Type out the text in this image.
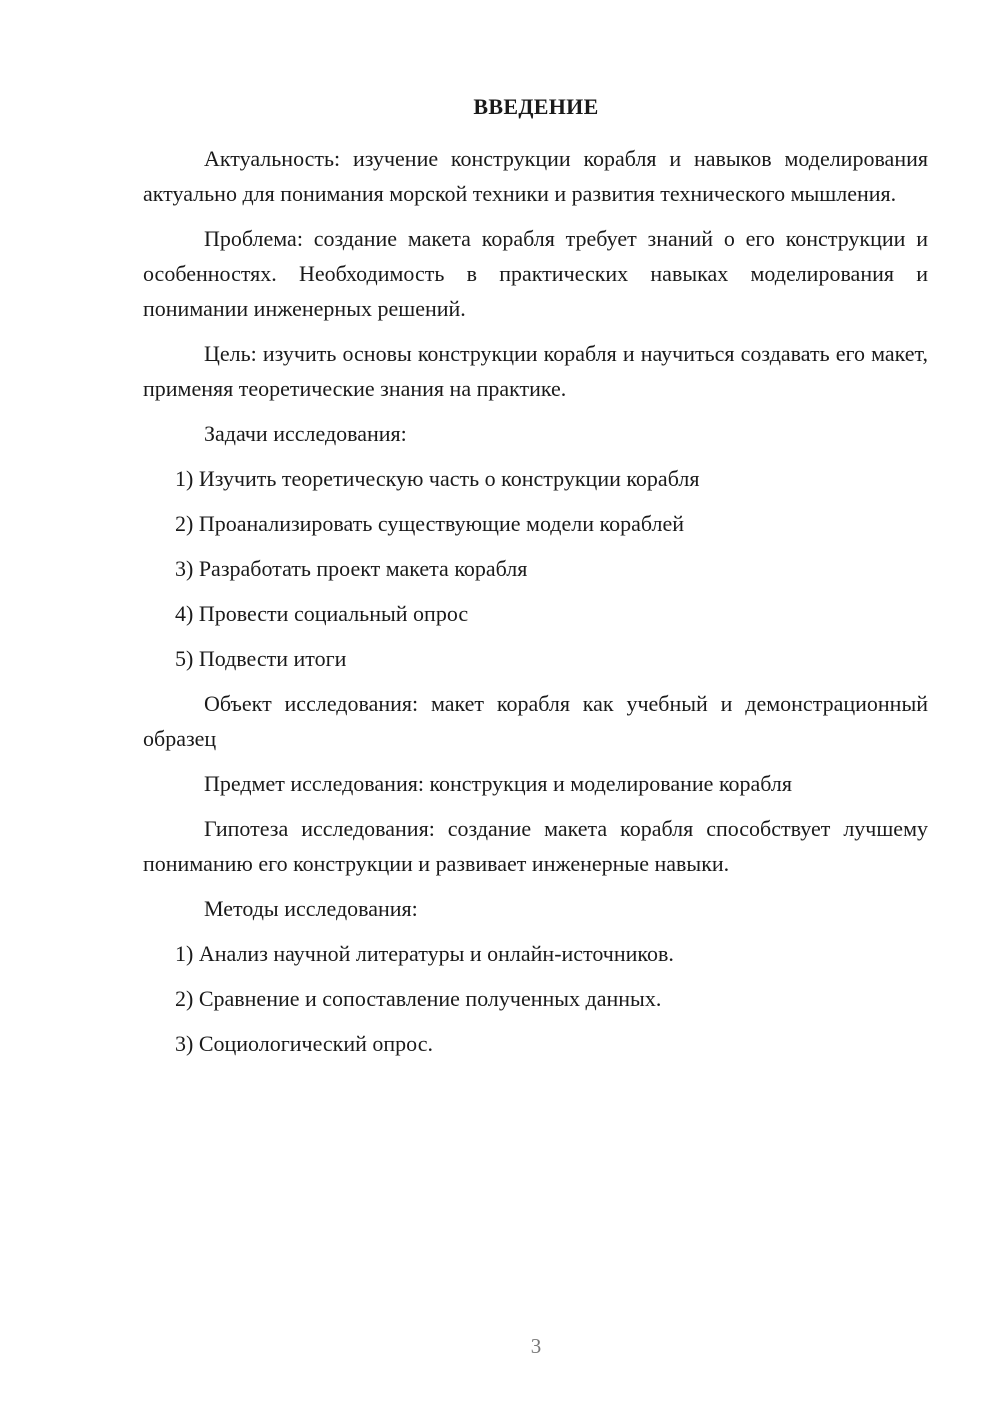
ВВЕДЕНИЕ

Актуальность: изучение конструкции корабля и навыков моделирования актуально для понимания морской техники и развития технического мышления.

Проблема: создание макета корабля требует знаний о его конструкции и особенностях. Необходимость в практических навыках моделирования и понимании инженерных решений.

Цель: изучить основы конструкции корабля и научиться создавать его макет, применяя теоретические знания на практике.

Задачи исследования:

1) Изучить теоретическую часть о конструкции корабля

2) Проанализировать существующие модели кораблей

3) Разработать проект макета корабля

4) Провести социальный опрос

5) Подвести итоги

Объект исследования: макет корабля как учебный и демонстрационный образец

Предмет исследования: конструкция и моделирование корабля

Гипотеза исследования: создание макета корабля способствует лучшему пониманию его конструкции и развивает инженерные навыки.

Методы исследования:

1) Анализ научной литературы и онлайн-источников.

2) Сравнение и сопоставление полученных данных.

3) Социологический опрос.

3
